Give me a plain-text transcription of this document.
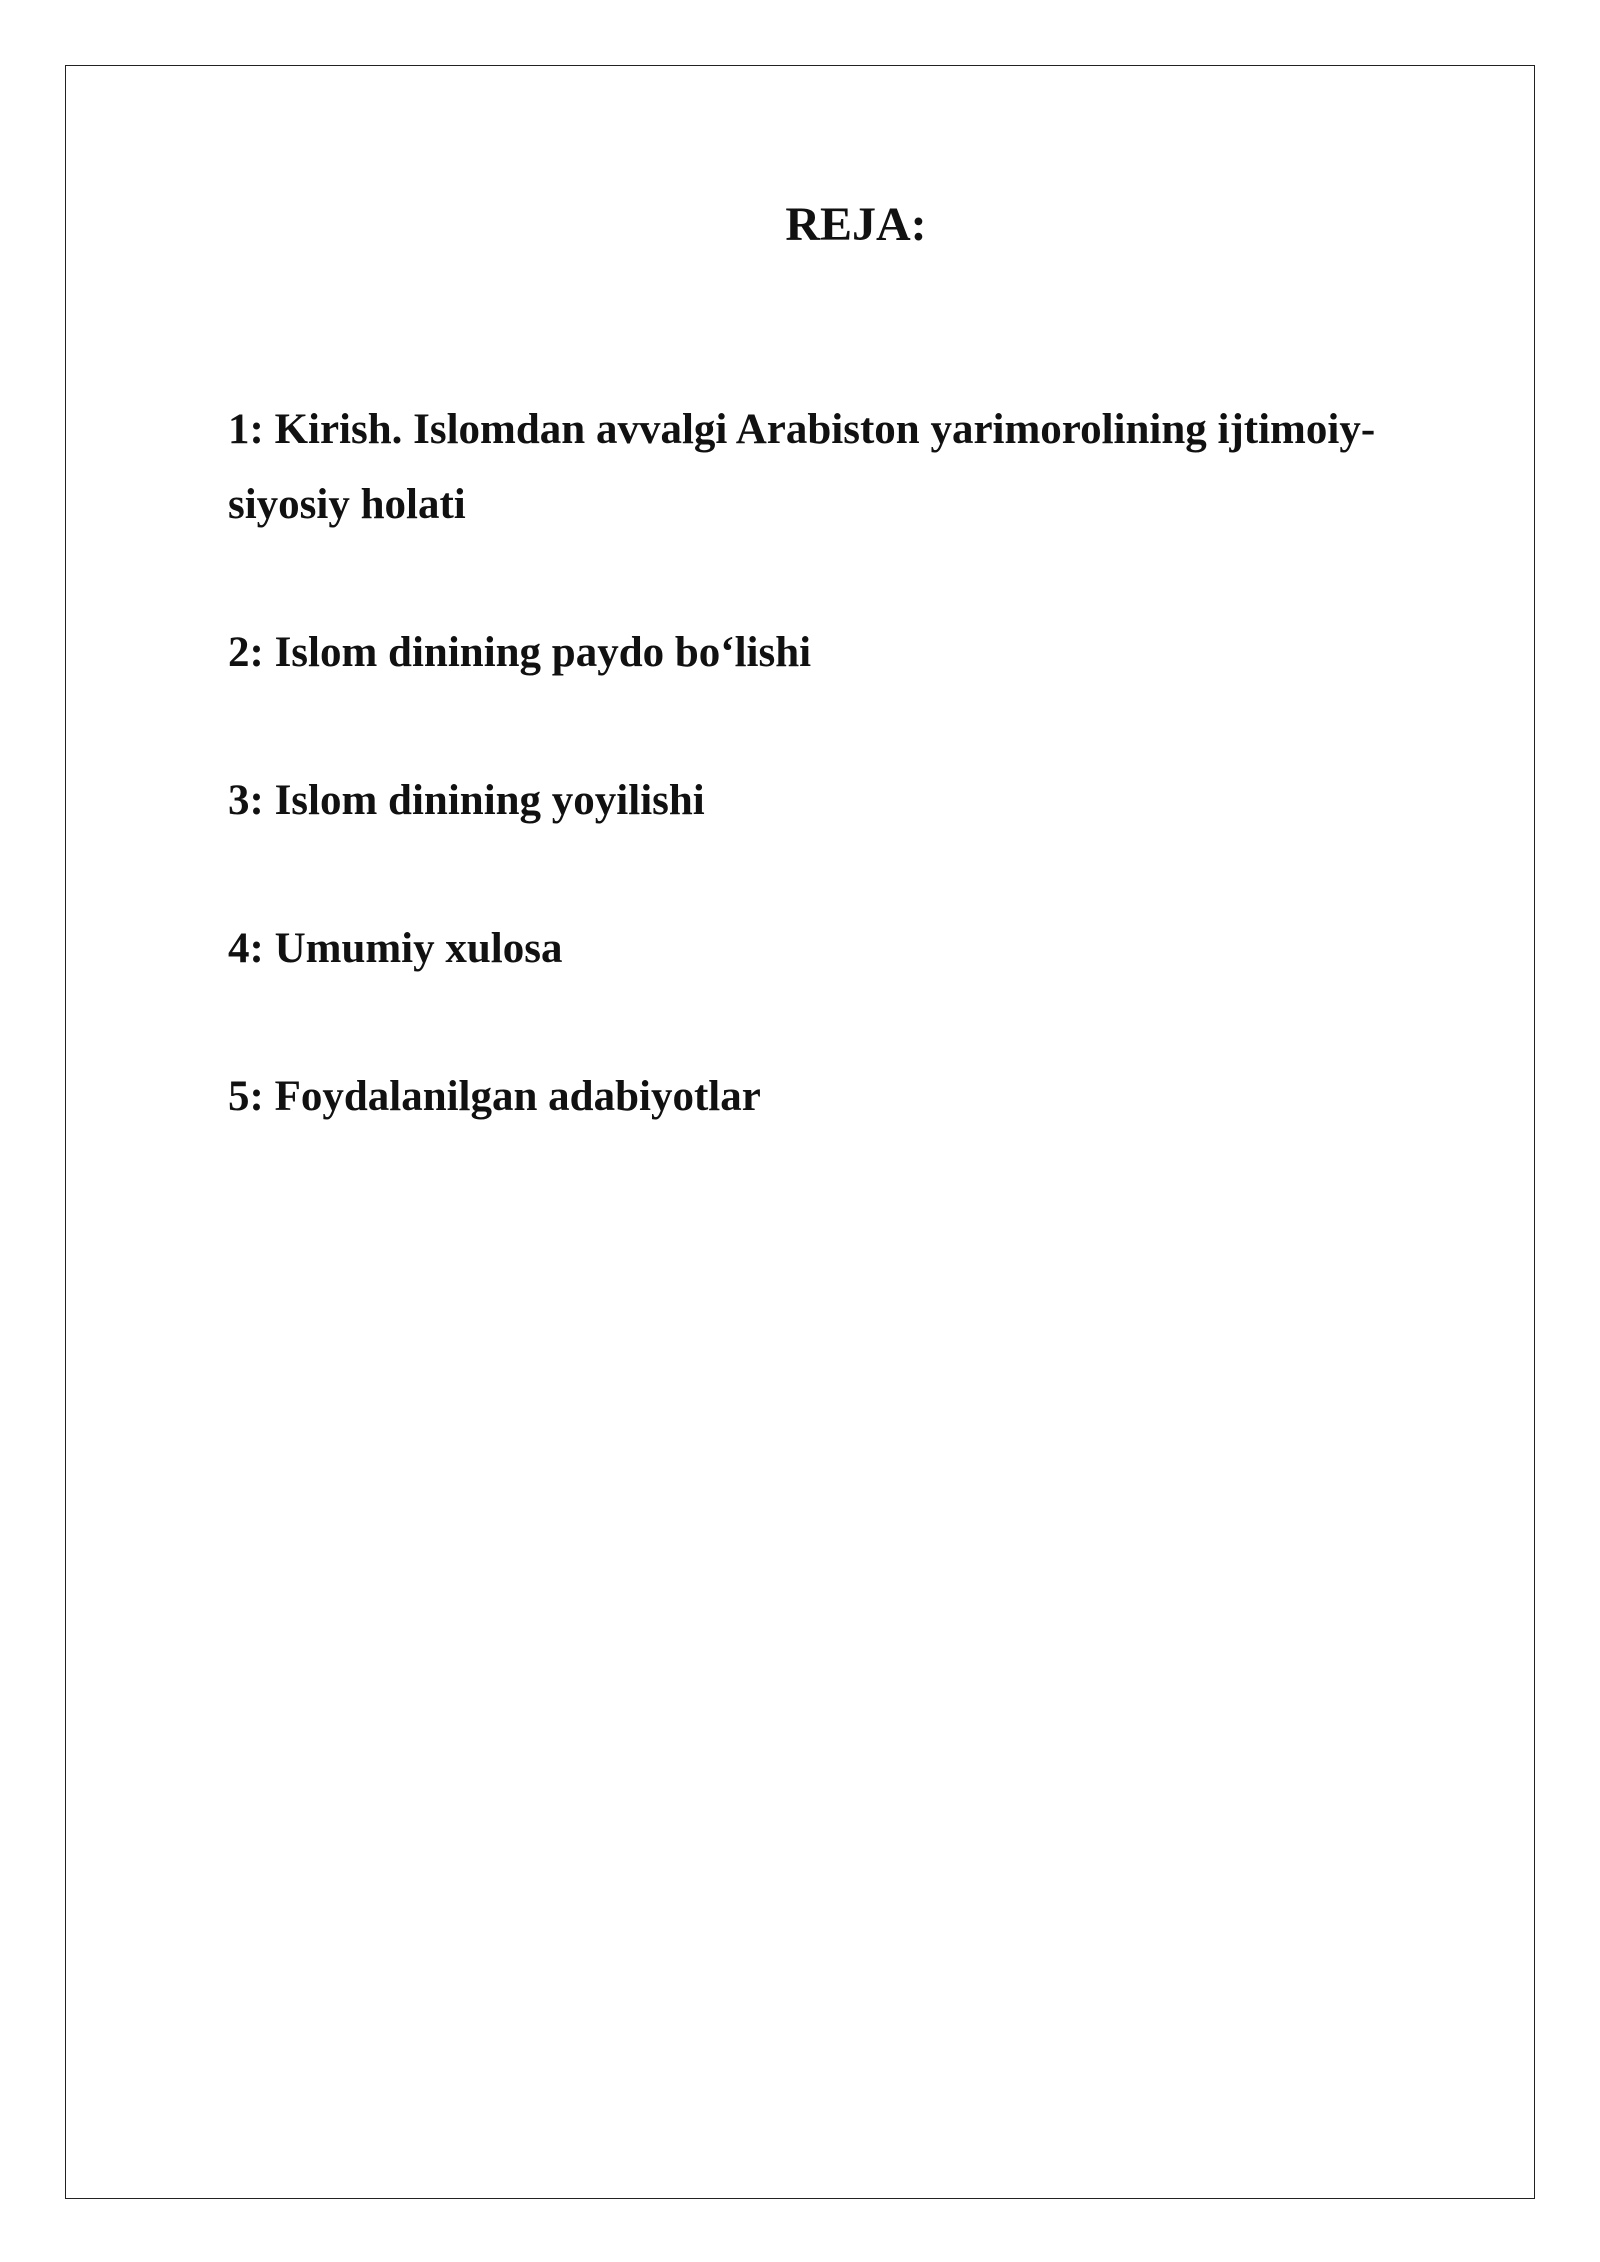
REJA:
1: Kirish. Islomdan avvalgi Arabiston yarimorolining ijtimoiy-siyosiy holati
2: Islom dinining paydo bo‘lishi
3: Islom dinining yoyilishi
4: Umumiy xulosa
5: Foydalanilgan adabiyotlar
